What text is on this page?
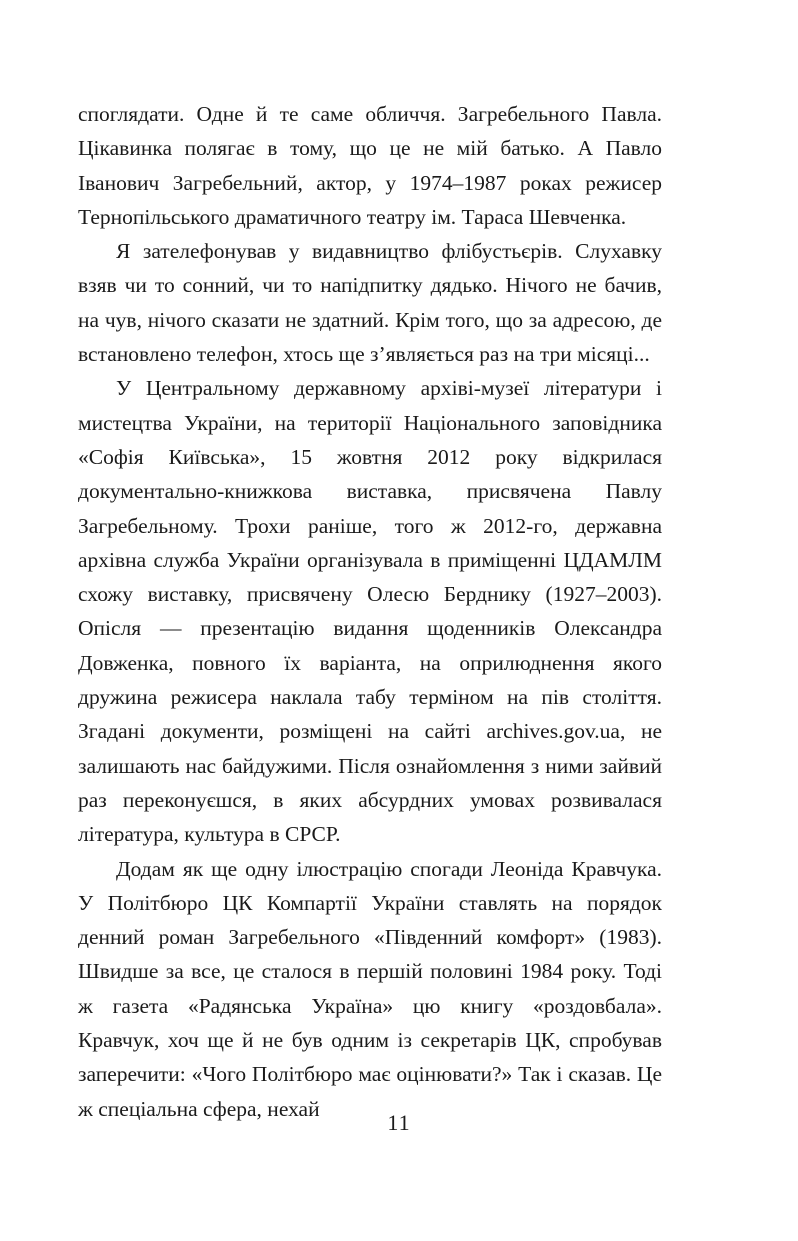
споглядати. Одне й те саме обличчя. Загребельного Павла. Цікавинка полягає в тому, що це не мій батько. А Павло Іванович Загребельний, актор, у 1974–1987 роках режисер Тернопільського драматичного театру ім. Тараса Шевченка.

Я зателефонував у видавництво флібустьєрів. Слухавку взяв чи то сонний, чи то напідпитку дядько. Нічого не бачив, на чув, нічого сказати не здатний. Крім того, що за адресою, де встановлено телефон, хтось ще з’являється раз на три місяці...

У Центральному державному архіві-музеї літератури і мистецтва України, на території Національного заповідника «Софія Київська», 15 жовтня 2012 року відкрилася документально-книжкова виставка, присвячена Павлу Загребельному. Трохи раніше, того ж 2012-го, державна архівна служба України організувала в приміщенні ЦДАМЛМ схожу виставку, присвячену Олесю Берднику (1927–2003). Опісля — презентацію видання щоденників Олександра Довженка, повного їх варіанта, на оприлюднення якого дружина режисера наклала табу терміном на пів століття. Згадані документи, розміщені на сайті archives.gov.ua, не залишають нас байдужими. Після ознайомлення з ними зайвий раз переконуєшся, в яких абсурдних умовах розвивалася література, культура в СРСР.

Додам як ще одну ілюстрацію спогади Леоніда Кравчука. У Політбюро ЦК Компартії України ставлять на порядок денний роман Загребельного «Південний комфорт» (1983). Швидше за все, це сталося в першій половині 1984 року. Тоді ж газета «Радянська Україна» цю книгу «роздовбала». Кравчук, хоч ще й не був одним із секретарів ЦК, спробував заперечити: «Чого Політбюро має оцінювати?» Так і сказав. Це ж спеціальна сфера, нехай

11
